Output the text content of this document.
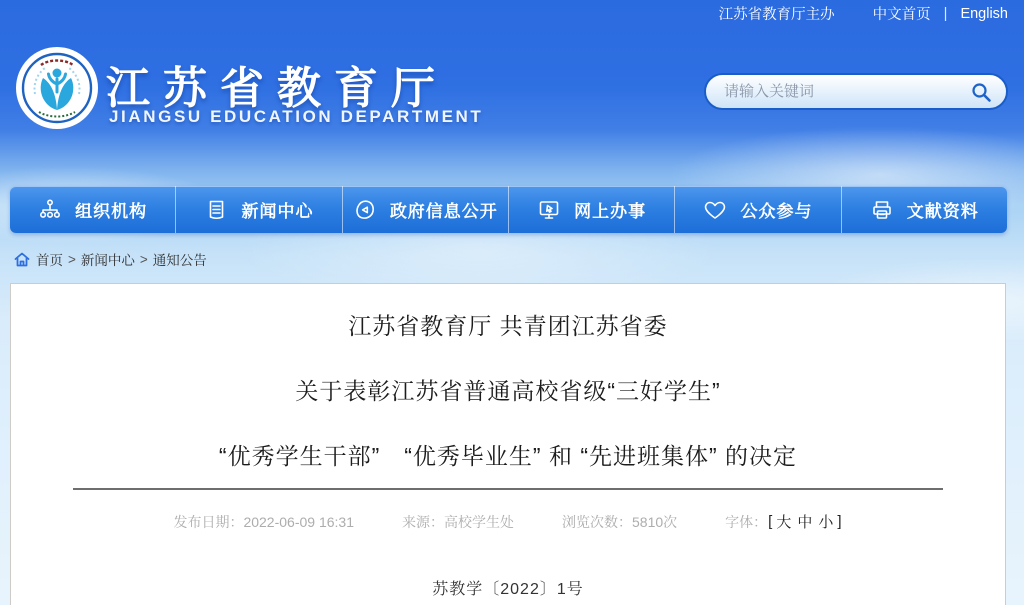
江苏省教育厅主办	中文首页 | English
江苏省教育厅
JIANGSU EDUCATION DEPARTMENT
请输入关键词
组织机构	新闻中心	政府信息公开	网上办事	公众参与	文献资料
首页 > 新闻中心 > 通知公告
江苏省教育厅 共青团江苏省委
关于表彰江苏省普通高校省级“三好学生”
“优秀学生干部”　“优秀毕业生” 和 “先进班集体” 的决定
发布日期：2022-06-09 16:31	来源：高校学生处	浏览次数：5810次	字体： [ 大 中 小 ]
苏教学〔2022〕1号
